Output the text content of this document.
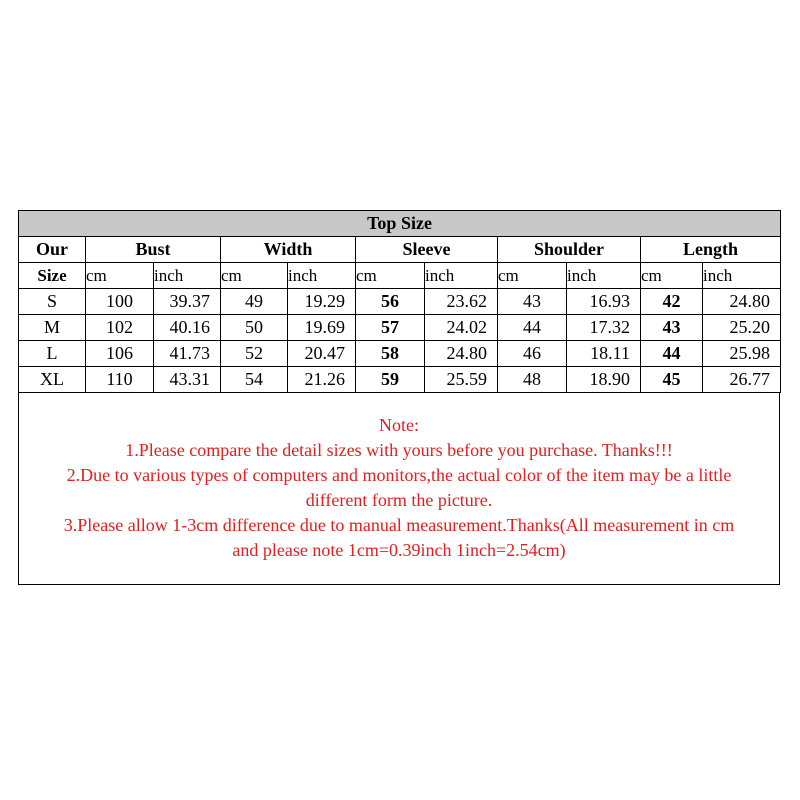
Top Size										
Our	Bust		Width		Sleeve		Shoulder		Length	
Size	cm	inch	cm	inch	cm	inch	cm	inch	cm	inch
S	100	39.37	49	19.29	56	23.62	43	16.93	42	24.80
M	102	40.16	50	19.69	57	24.02	44	17.32	43	25.20
L	106	41.73	52	20.47	58	24.80	46	18.11	44	25.98
XL	110	43.31	54	21.26	59	25.59	48	18.90	45	26.77

Note:

1.Please compare the detail sizes with yours before you purchase. Thanks!!!

2.Due to various types of computers and monitors,the actual color of the item may be a little

different form the picture.

3.Please allow 1-3cm difference due to manual measurement.Thanks(All measurement in cm

and please note 1cm=0.39inch 1inch=2.54cm)
